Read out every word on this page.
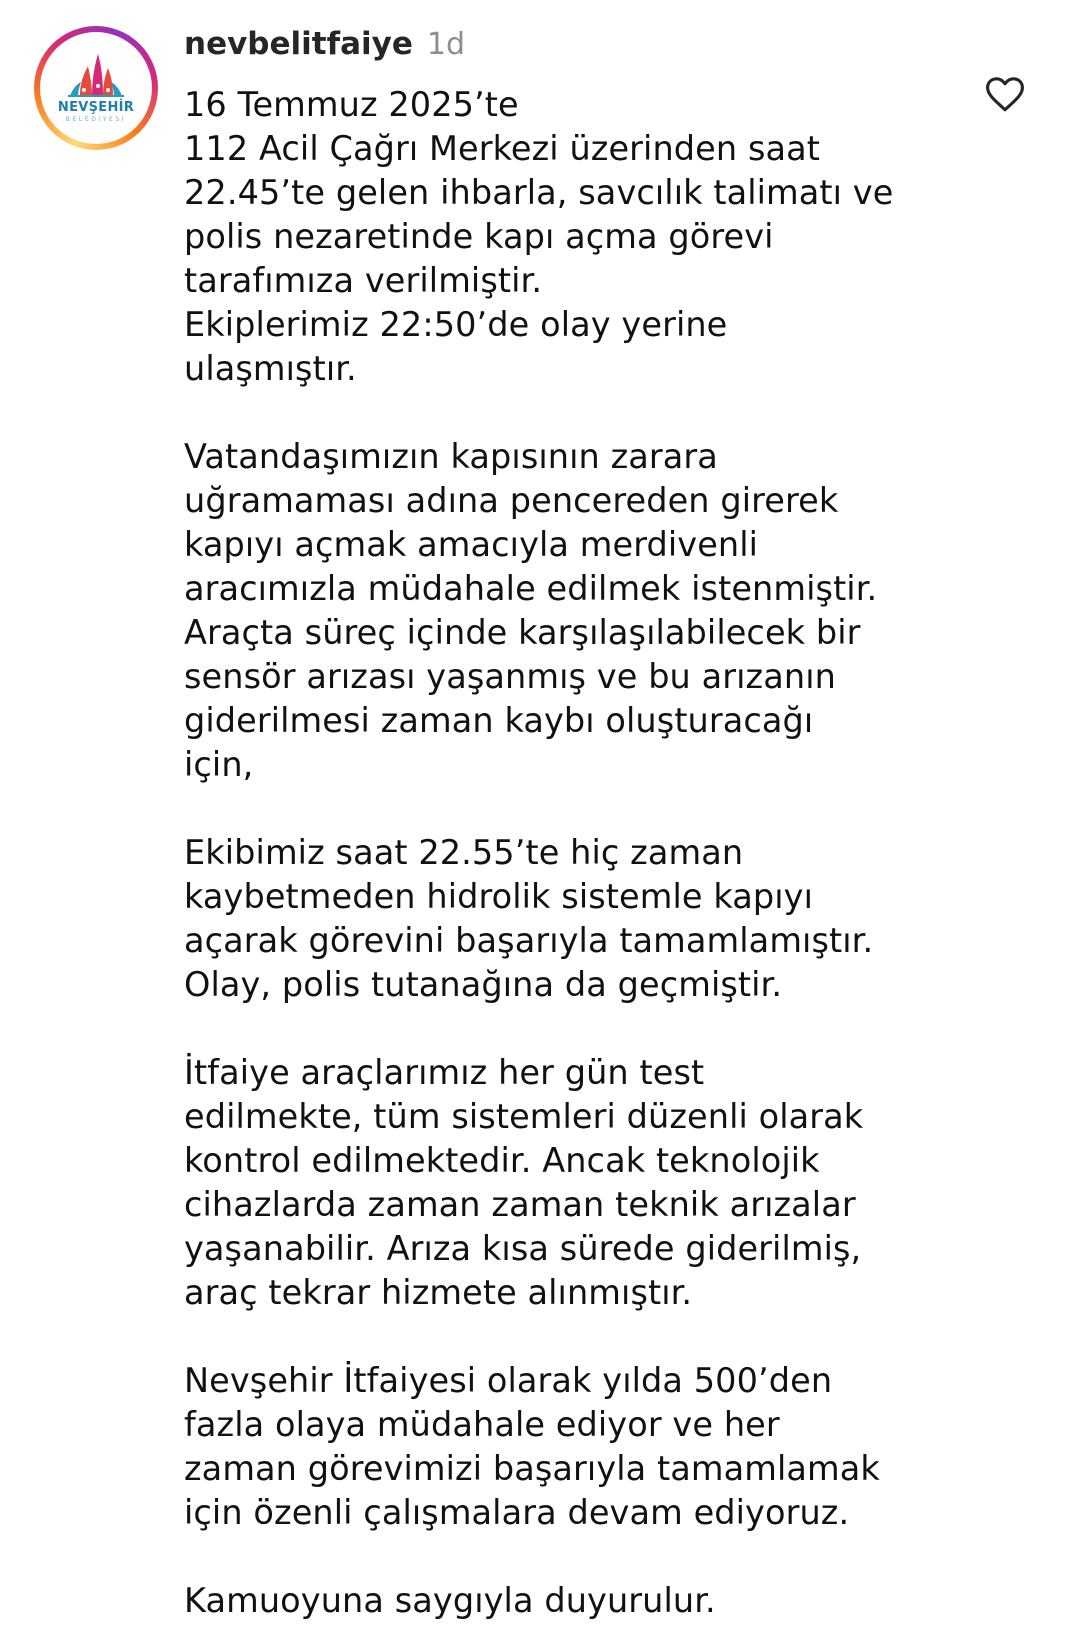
NEVŞEHİR
BELEDİYESİ
nevbelitfaiye 1d
16 Temmuz 2025’te
112 Acil Çağrı Merkezi üzerinden saat
22.45’te gelen ihbarla, savcılık talimatı ve
polis nezaretinde kapı açma görevi
tarafımıza verilmiştir.
Ekiplerimiz 22:50’de olay yerine
ulaşmıştır.
Vatandaşımızın kapısının zarara
uğramaması adına pencereden girerek
kapıyı açmak amacıyla merdivenli
aracımızla müdahale edilmek istenmiştir.
Araçta süreç içinde karşılaşılabilecek bir
sensör arızası yaşanmış ve bu arızanın
giderilmesi zaman kaybı oluşturacağı
için,
Ekibimiz saat 22.55’te hiç zaman
kaybetmeden hidrolik sistemle kapıyı
açarak görevini başarıyla tamamlamıştır.
Olay, polis tutanağına da geçmiştir.
İtfaiye araçlarımız her gün test
edilmekte, tüm sistemleri düzenli olarak
kontrol edilmektedir. Ancak teknolojik
cihazlarda zaman zaman teknik arızalar
yaşanabilir. Arıza kısa sürede giderilmiş,
araç tekrar hizmete alınmıştır.
Nevşehir İtfaiyesi olarak yılda 500’den
fazla olaya müdahale ediyor ve her
zaman görevimizi başarıyla tamamlamak
için özenli çalışmalara devam ediyoruz.
Kamuoyuna saygıyla duyurulur.
